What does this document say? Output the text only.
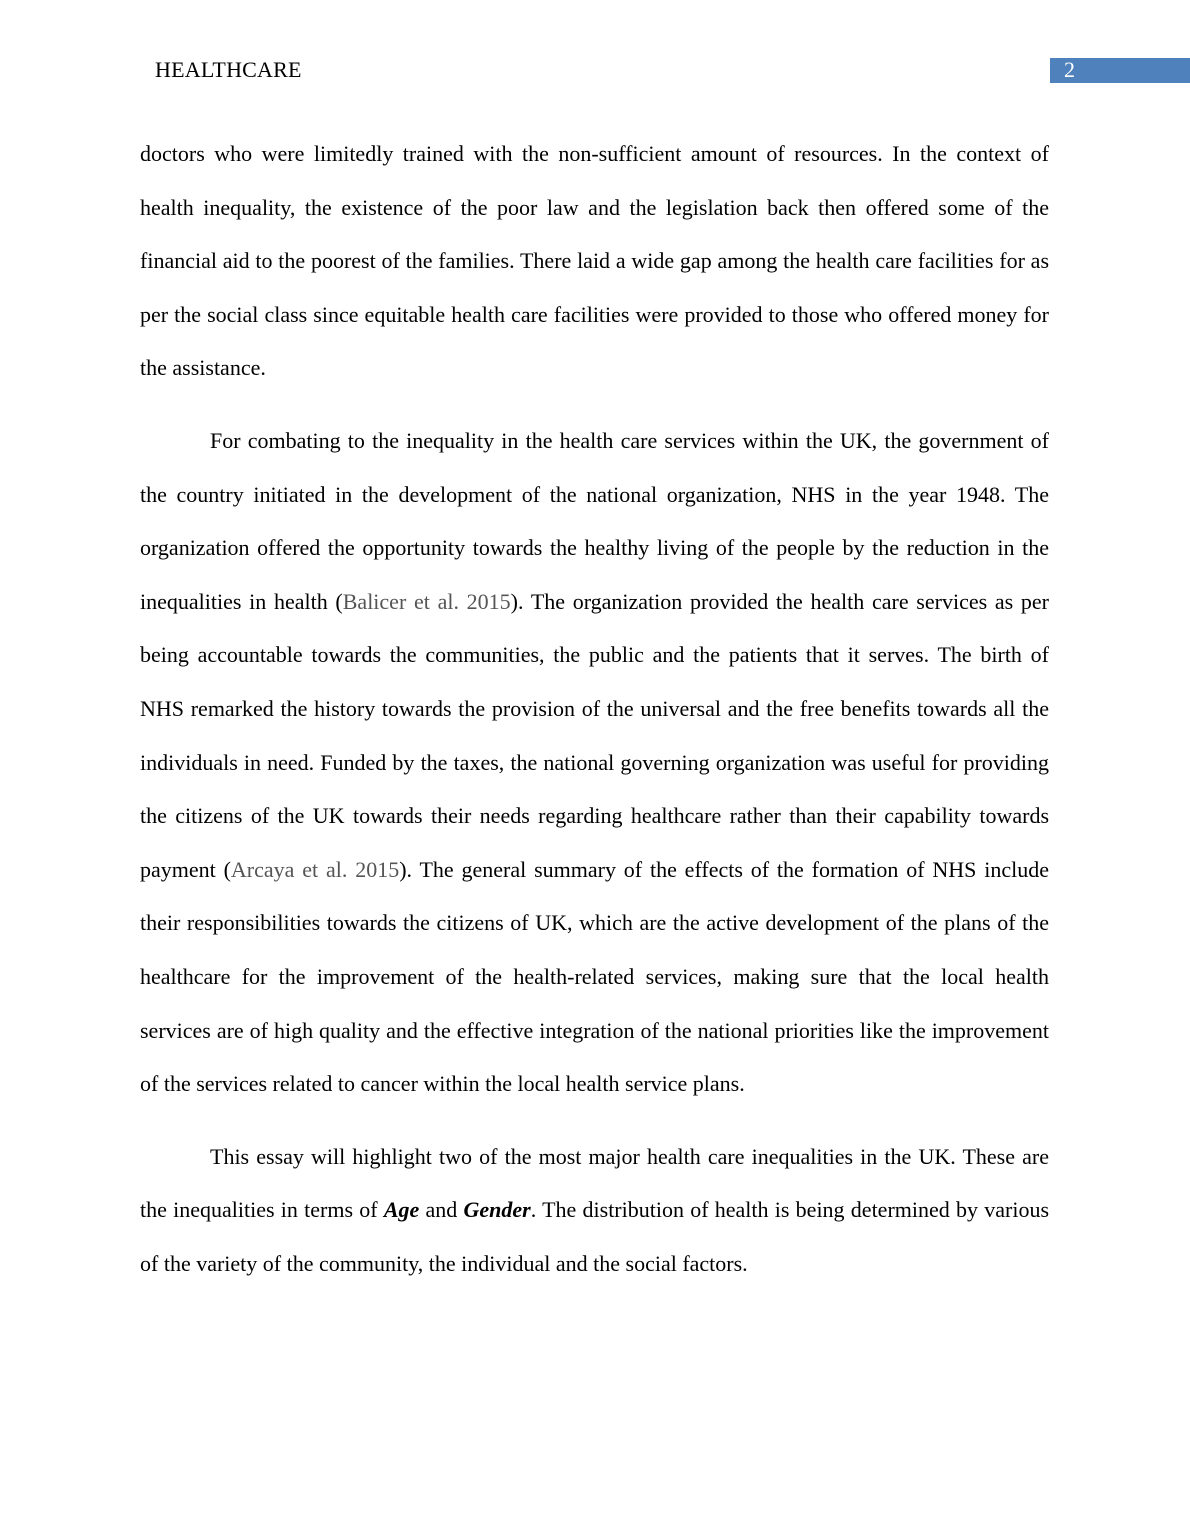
HEALTHCARE	2

doctors who were limitedly trained with the non-sufficient amount of resources. In the context of health inequality, the existence of the poor law and the legislation back then offered some of the financial aid to the poorest of the families. There laid a wide gap among the health care facilities for as per the social class since equitable health care facilities were provided to those who offered money for the assistance.

For combating to the inequality in the health care services within the UK, the government of the country initiated in the development of the national organization, NHS in the year 1948. The organization offered the opportunity towards the healthy living of the people by the reduction in the inequalities in health (Balicer et al. 2015). The organization provided the health care services as per being accountable towards the communities, the public and the patients that it serves. The birth of NHS remarked the history towards the provision of the universal and the free benefits towards all the individuals in need. Funded by the taxes, the national governing organization was useful for providing the citizens of the UK towards their needs regarding healthcare rather than their capability towards payment (Arcaya et al. 2015). The general summary of the effects of the formation of NHS include their responsibilities towards the citizens of UK, which are the active development of the plans of the healthcare for the improvement of the health-related services, making sure that the local health services are of high quality and the effective integration of the national priorities like the improvement of the services related to cancer within the local health service plans.

This essay will highlight two of the most major health care inequalities in the UK. These are the inequalities in terms of Age and Gender. The distribution of health is being determined by various of the variety of the community, the individual and the social factors.
